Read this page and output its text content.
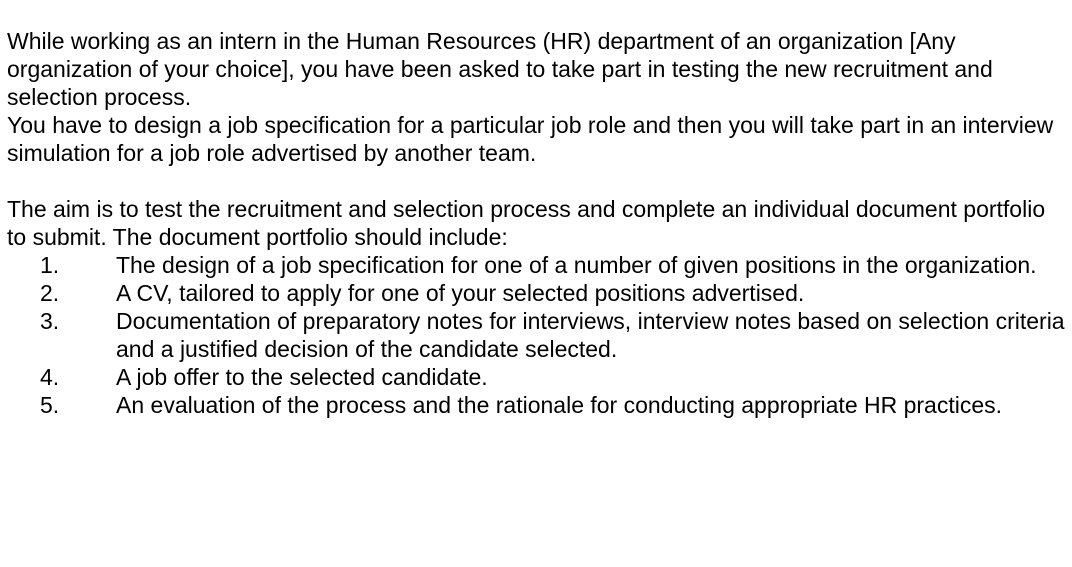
While working as an intern in the Human Resources (HR) department of an organization [Any organization of your choice], you have been asked to take part in testing the new recruitment and selection process.

You have to design a job specification for a particular job role and then you will take part in an interview simulation for a job role advertised by another team.

The aim is to test the recruitment and selection process and complete an individual document portfolio to submit. The document portfolio should include:

1.	The design of a job specification for one of a number of given positions in the organization.
2.	A CV, tailored to apply for one of your selected positions advertised.
3.	Documentation of preparatory notes for interviews, interview notes based on selection criteria and a justified decision of the candidate selected.
4.	A job offer to the selected candidate.
5.	An evaluation of the process and the rationale for conducting appropriate HR practices.
